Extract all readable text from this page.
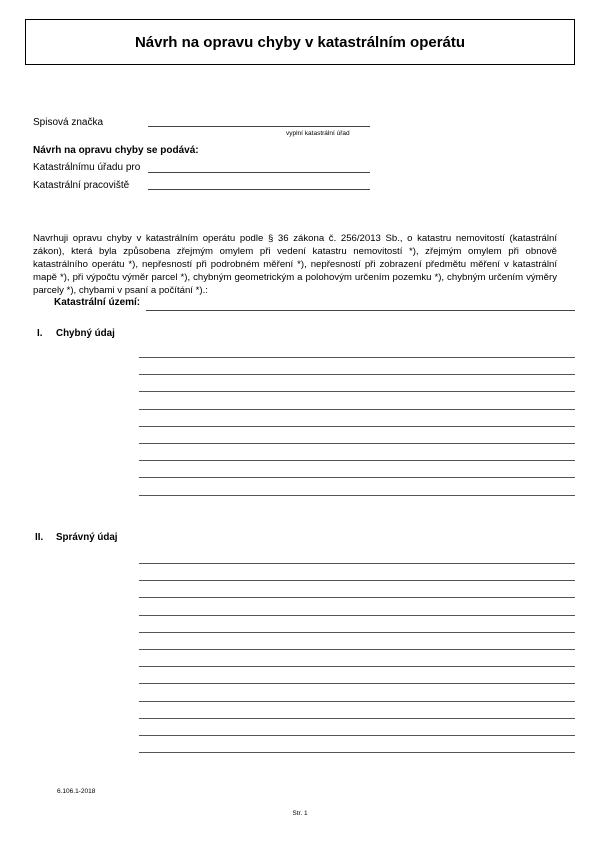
Návrh na opravu chyby v katastrálním operátu
Spisová značka
vyplní katastrální úřad
Návrh na opravu chyby se podává:
Katastrálnímu úřadu pro
Katastrální pracoviště
Navrhuji opravu chyby v katastrálním operátu podle § 36 zákona č. 256/2013 Sb., o katastru nemovitostí (katastrální zákon), která byla způsobena zřejmým omylem při vedení katastru nemovitostí *), zřejmým omylem při obnově katastrálního operátu *), nepřesností při podrobném měření *), nepřesností při zobrazení předmětu měření v katastrální mapě *), při výpočtu výměr parcel *), chybným geometrickým a polohovým určením pozemku *), chybným určením výměry parcely *), chybami v psaní a počítání *).:
Katastrální území:
I. Chybný údaj
II. Správný údaj
6.106.1-2018
Str. 1
